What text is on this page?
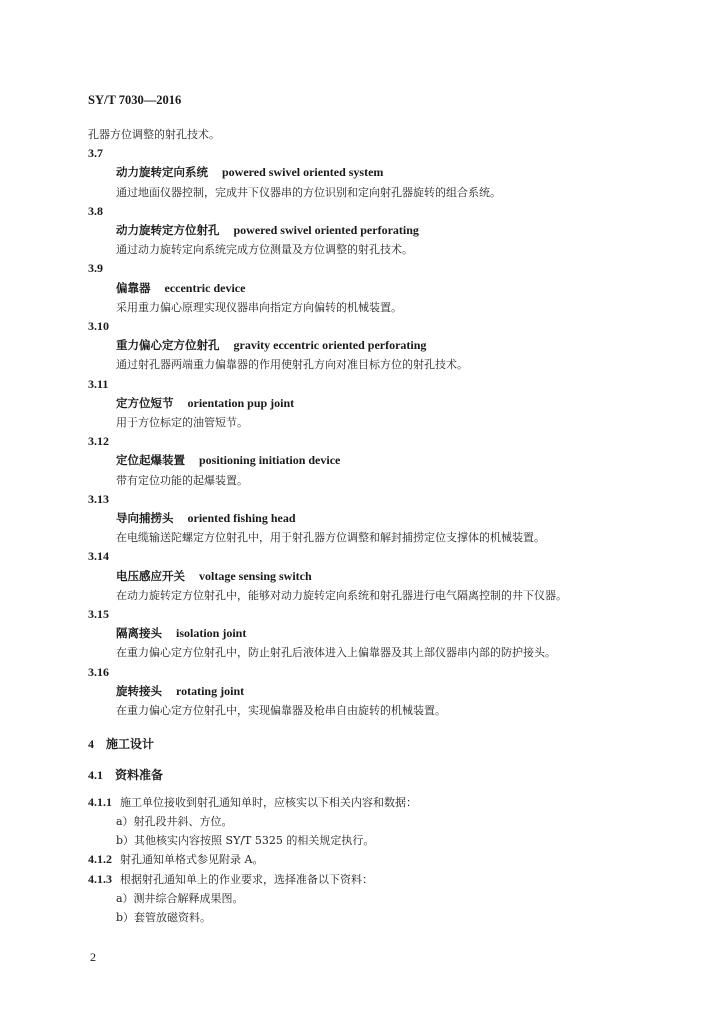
SY/T 7030—2016
孔器方位调整的射孔技术。
3.7
动力旋转定向系统 powered swivel oriented system
通过地面仪器控制，完成井下仪器串的方位识别和定向射孔器旋转的组合系统。
3.8
动力旋转定方位射孔 powered swivel oriented perforating
通过动力旋转定向系统完成方位测量及方位调整的射孔技术。
3.9
偏靠器 eccentric device
采用重力偏心原理实现仪器串向指定方向偏转的机械装置。
3.10
重力偏心定方位射孔 gravity eccentric oriented perforating
通过射孔器两端重力偏靠器的作用使射孔方向对准目标方位的射孔技术。
3.11
定方位短节 orientation pup joint
用于方位标定的油管短节。
3.12
定位起爆装置 positioning initiation device
带有定位功能的起爆装置。
3.13
导向捕捞头 oriented fishing head
在电缆输送陀螺定方位射孔中，用于射孔器方位调整和解封捕捞定位支撑体的机械装置。
3.14
电压感应开关 voltage sensing switch
在动力旋转定方位射孔中，能够对动力旋转定向系统和射孔器进行电气隔离控制的井下仪器。
3.15
隔离接头 isolation joint
在重力偏心定方位射孔中，防止射孔后液体进入上偏靠器及其上部仪器串内部的防护接头。
3.16
旋转接头 rotating joint
在重力偏心定方位射孔中，实现偏靠器及枪串自由旋转的机械装置。
4 施工设计
4.1 资料准备
4.1.1 施工单位接收到射孔通知单时，应核实以下相关内容和数据：
a）射孔段井斜、方位。
b）其他核实内容按照 SY/T 5325 的相关规定执行。
4.1.2 射孔通知单格式参见附录 A。
4.1.3 根据射孔通知单上的作业要求，选择准备以下资料：
a）测井综合解释成果图。
b）套管放磁资料。
2
